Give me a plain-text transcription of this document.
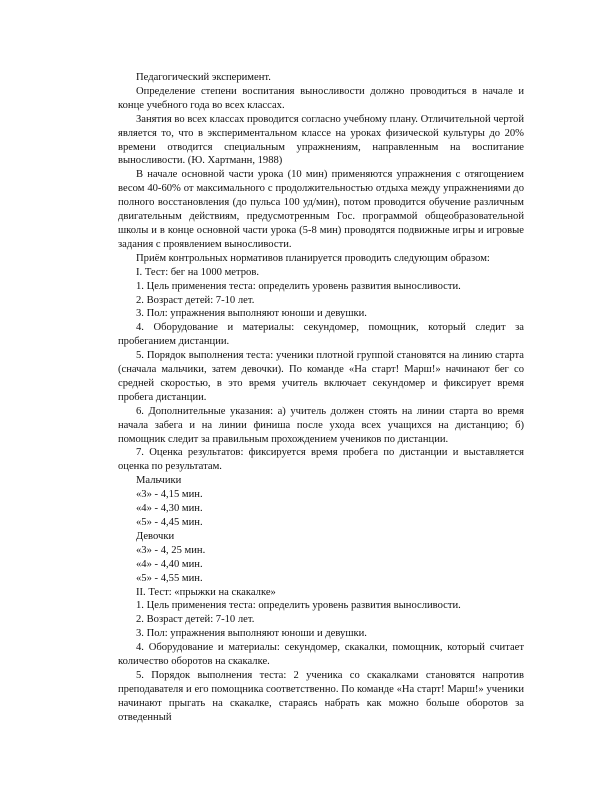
Педагогический эксперимент.

Определение степени воспитания выносливости должно проводиться в начале и конце учебного года во всех классах.

Занятия во всех классах проводится согласно учебному плану. Отличительной чертой является то, что в экспериментальном классе на уроках физической культуры до 20% времени отводится специальным упражнениям, направленным на воспитание выносливости. (Ю. Хартманн, 1988)

В начале основной части урока (10 мин) применяются упражнения с отягощением весом 40-60% от максимального с продолжительностью отдыха между упражнениями до полного восстановления (до пульса 100 уд/мин), потом проводится обучение различным двигательным действиям, предусмотренным Гос. программой общеобразовательной школы и в конце основной части урока (5-8 мин) проводятся подвижные игры и игровые задания с проявлением выносливости.

Приём контрольных нормативов планируется проводить следующим образом:

I. Тест: бег на 1000 метров.

1. Цель применения теста: определить уровень развития выносливости.

2. Возраст детей: 7-10 лет.

3. Пол: упражнения выполняют юноши и девушки.

4. Оборудование и материалы: секундомер, помощник, который следит за пробеганием дистанции.

5. Порядок выполнения теста: ученики плотной группой становятся на линию старта (сначала мальчики, затем девочки). По команде «На старт! Марш!» начинают бег со средней скоростью, в это время учитель включает секундомер и фиксирует время пробега дистанции.

6. Дополнительные указания: а) учитель должен стоять на линии старта во время начала забега и на линии финиша после ухода всех учащихся на дистанцию; б) помощник следит за правильным прохождением учеников по дистанции.

7. Оценка результатов: фиксируется время пробега по дистанции и выставляется оценка по результатам.

Мальчики

«3» - 4,15 мин.

«4» - 4,30 мин.

«5» - 4,45 мин.

Девочки

«3» - 4, 25 мин.

«4» - 4,40 мин.

«5» - 4,55 мин.

II. Тест: «прыжки на скакалке»

1. Цель применения теста: определить уровень развития выносливости.

2. Возраст детей: 7-10 лет.

3. Пол: упражнения выполняют юноши и девушки.

4. Оборудование и материалы: секундомер, скакалки, помощник, который считает количество оборотов на скакалке.

5. Порядок выполнения теста: 2 ученика со скакалками становятся напротив преподавателя и его помощника соответственно. По команде «На старт! Марш!» ученики начинают прыгать на скакалке, стараясь набрать как можно больше оборотов за отведенный
